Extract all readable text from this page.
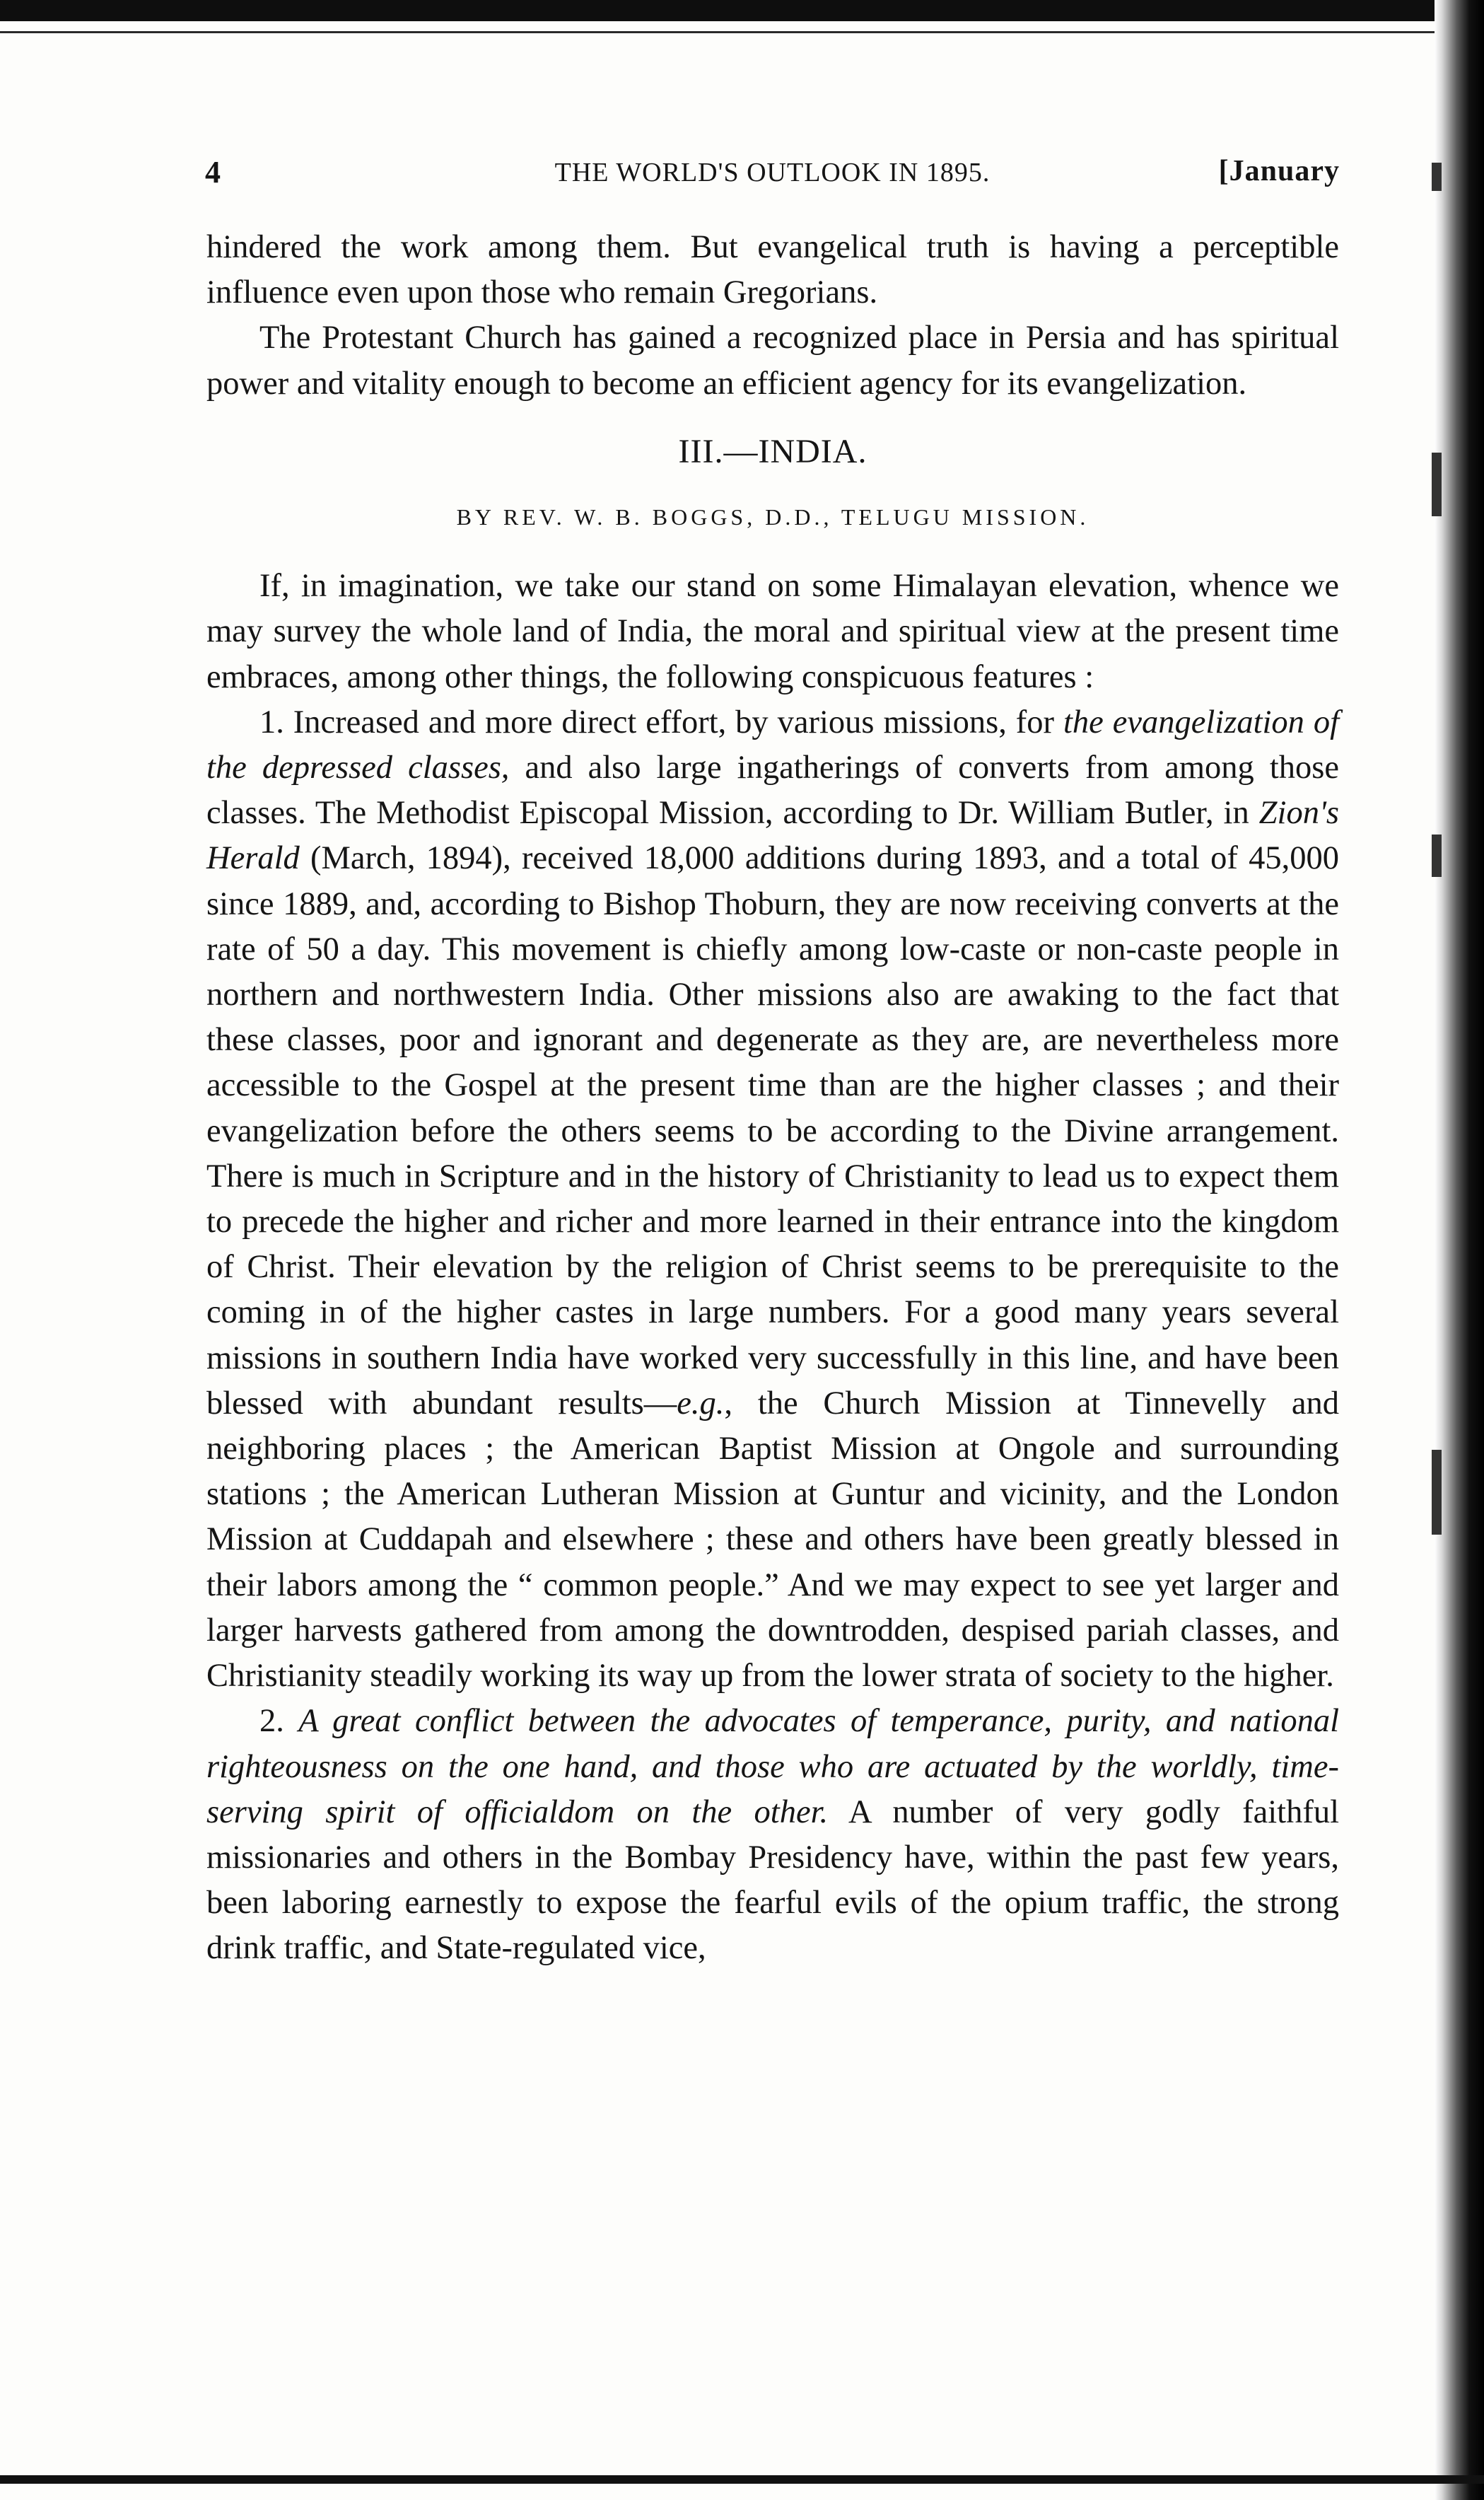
4	THE WORLD'S OUTLOOK IN 1895.	[January

hindered the work among them. But evangelical truth is having a perceptible influence even upon those who remain Gregorians.

The Protestant Church has gained a recognized place in Persia and has spiritual power and vitality enough to become an efficient agency for its evangelization.

III.—INDIA.
BY REV. W. B. BOGGS, D.D., TELUGU MISSION.

If, in imagination, we take our stand on some Himalayan elevation, whence we may survey the whole land of India, the moral and spiritual view at the present time embraces, among other things, the following conspicuous features :

1. Increased and more direct effort, by various missions, for the evangelization of the depressed classes, and also large ingatherings of converts from among those classes. The Methodist Episcopal Mission, according to Dr. William Butler, in Zion's Herald (March, 1894), received 18,000 additions during 1893, and a total of 45,000 since 1889, and, according to Bishop Thoburn, they are now receiving converts at the rate of 50 a day. This movement is chiefly among low-caste or non-caste people in northern and northwestern India. Other missions also are awaking to the fact that these classes, poor and ignorant and degenerate as they are, are nevertheless more accessible to the Gospel at the present time than are the higher classes ; and their evangelization before the others seems to be according to the Divine arrangement. There is much in Scripture and in the history of Christianity to lead us to expect them to precede the higher and richer and more learned in their entrance into the kingdom of Christ. Their elevation by the religion of Christ seems to be prerequisite to the coming in of the higher castes in large numbers. For a good many years several missions in southern India have worked very successfully in this line, and have been blessed with abundant results—e.g., the Church Mission at Tinnevelly and neighboring places ; the American Baptist Mission at Ongole and surrounding stations ; the American Lutheran Mission at Guntur and vicinity, and the London Mission at Cuddapah and elsewhere ; these and others have been greatly blessed in their labors among the “ common people.” And we may expect to see yet larger and larger harvests gathered from among the downtrodden, despised pariah classes, and Christianity steadily working its way up from the lower strata of society to the higher.

2. A great conflict between the advocates of temperance, purity, and national righteousness on the one hand, and those who are actuated by the worldly, time-serving spirit of officialdom on the other. A number of very godly faithful missionaries and others in the Bombay Presidency have, within the past few years, been laboring earnestly to expose the fearful evils of the opium traffic, the strong drink traffic, and State-regulated vice,
